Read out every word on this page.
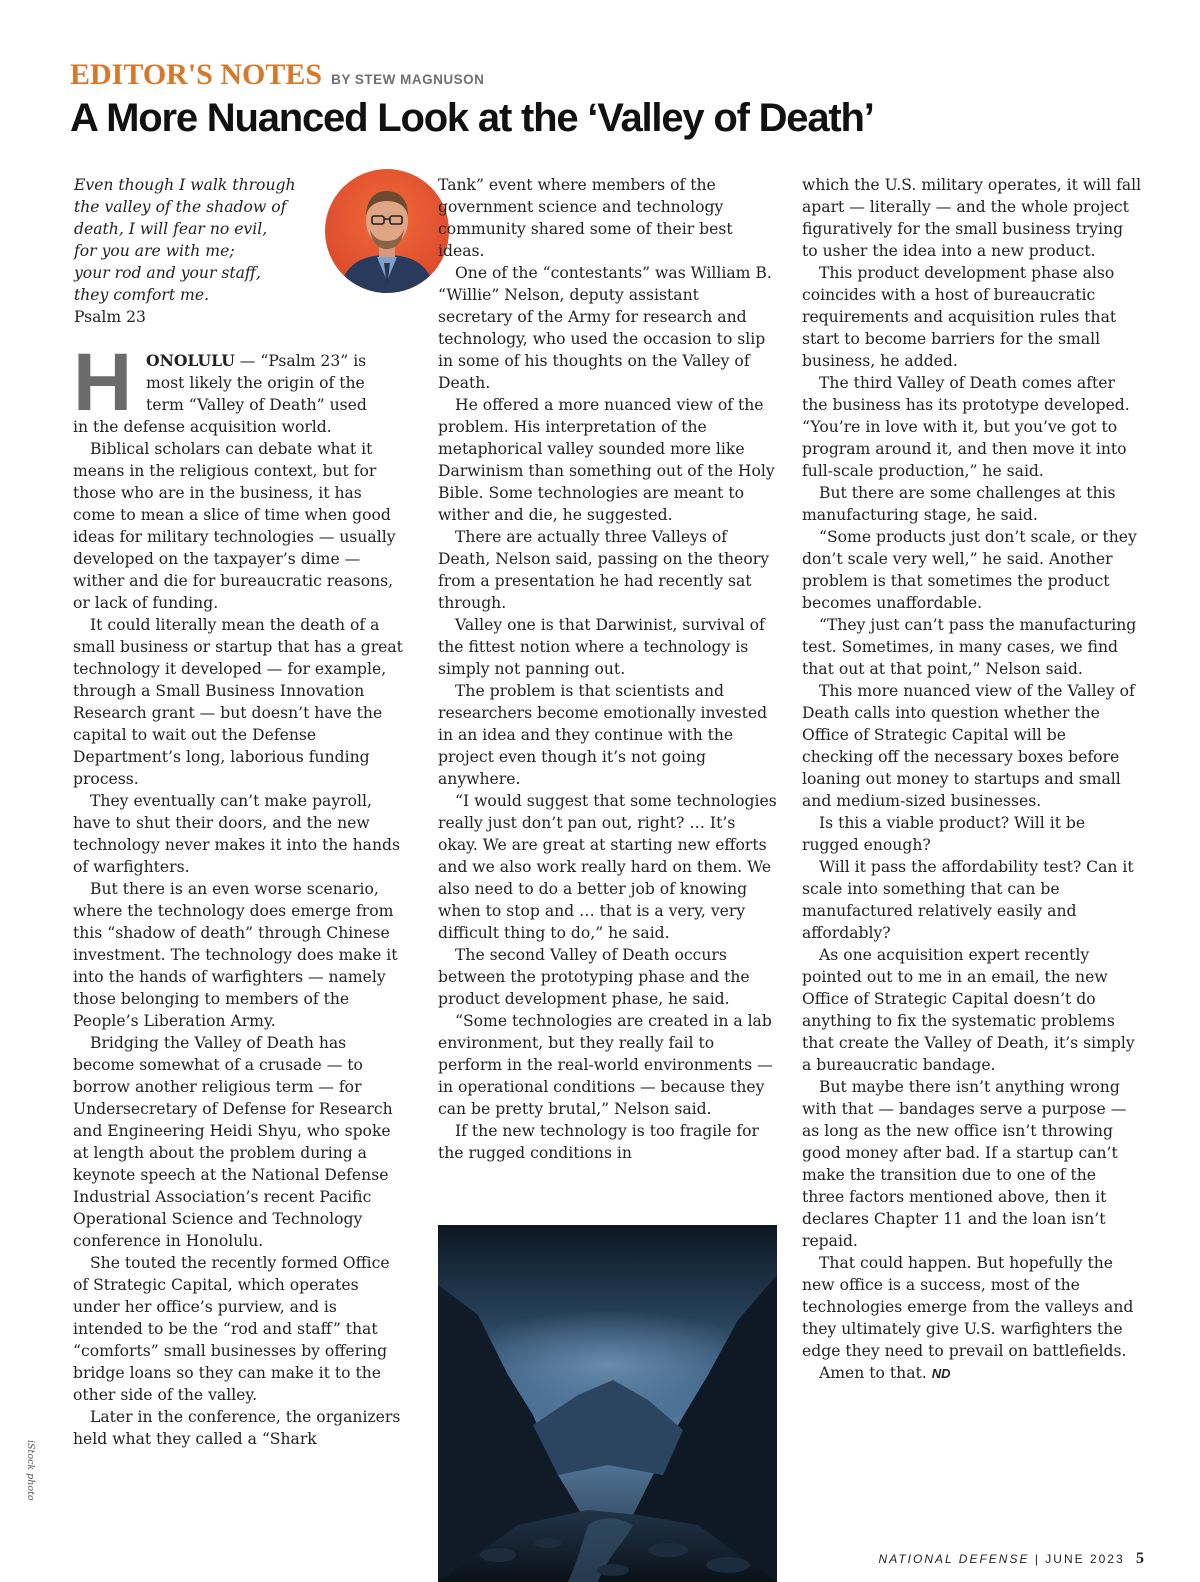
EDITOR'S NOTES BY STEW MAGNUSON
A More Nuanced Look at the ‘Valley of Death’
Even though I walk through
the valley of the shadow of
death, I will fear no evil,
for you are with me;
your rod and your staff,
they comfort me.
Psalm 23
H ONOLULU — “Psalm 23” is
most likely the origin of the
term “Valley of Death” used
in the defense acquisition world.

Biblical scholars can debate what it means in the religious context, but for those who are in the business, it has come to mean a slice of time when good ideas for military technologies — usually developed on the taxpayer’s dime — wither and die for bureaucratic reasons, or lack of funding.

It could literally mean the death of a small business or startup that has a great technology it developed — for example, through a Small Business Innovation Research grant — but doesn’t have the capital to wait out the Defense Department’s long, laborious funding process.

They eventually can’t make payroll, have to shut their doors, and the new technology never makes it into the hands of warfighters.

But there is an even worse scenario, where the technology does emerge from this “shadow of death” through Chinese investment. The technology does make it into the hands of warfighters — namely those belonging to members of the People’s Liberation Army.

Bridging the Valley of Death has become somewhat of a crusade — to borrow another religious term — for Undersecretary of Defense for Research and Engineering Heidi Shyu, who spoke at length about the problem during a keynote speech at the National Defense Industrial Association’s recent Pacific Operational Science and Technology conference in Honolulu.

She touted the recently formed Office of Strategic Capital, which operates under her office’s purview, and is intended to be the “rod and staff” that “comforts” small businesses by offering bridge loans so they can make it to the other side of the valley.

Later in the conference, the organizers held what they called a “Shark

Tank” event where members of the government science and technology community shared some of their best ideas.

One of the “contestants” was William B. “Willie” Nelson, deputy assistant secretary of the Army for research and technology, who used the occasion to slip in some of his thoughts on the Valley of Death.

He offered a more nuanced view of the problem. His interpretation of the metaphorical valley sounded more like Darwinism than something out of the Holy Bible. Some technologies are meant to wither and die, he suggested.

There are actually three Valleys of Death, Nelson said, passing on the theory from a presentation he had recently sat through.

Valley one is that Darwinist, survival of the fittest notion where a technology is simply not panning out.

The problem is that scientists and researchers become emotionally invested in an idea and they continue with the project even though it’s not going anywhere.

“I would suggest that some technologies really just don’t pan out, right? … It’s okay. We are great at starting new efforts and we also work really hard on them. We also need to do a better job of knowing when to stop and … that is a very, very difficult thing to do,” he said.

The second Valley of Death occurs between the prototyping phase and the product development phase, he said.

“Some technologies are created in a lab environment, but they really fail to perform in the real-world environments — in operational conditions — because they can be pretty brutal,” Nelson said.

If the new technology is too fragile for the rugged conditions in

which the U.S. military operates, it will fall apart — literally — and the whole project figuratively for the small business trying to usher the idea into a new product.

This product development phase also coincides with a host of bureaucratic requirements and acquisition rules that start to become barriers for the small business, he added.

The third Valley of Death comes after the business has its prototype developed. “You’re in love with it, but you’ve got to program around it, and then move it into full-scale production,” he said.

But there are some challenges at this manufacturing stage, he said.

“Some products just don’t scale, or they don’t scale very well,” he said. Another problem is that sometimes the product becomes unaffordable.

“They just can’t pass the manufacturing test. Sometimes, in many cases, we find that out at that point,” Nelson said.

This more nuanced view of the Valley of Death calls into question whether the Office of Strategic Capital will be checking off the necessary boxes before loaning out money to startups and small and medium-sized businesses.

Is this a viable product? Will it be rugged enough?

Will it pass the affordability test? Can it scale into something that can be manufactured relatively easily and affordably?

As one acquisition expert recently pointed out to me in an email, the new Office of Strategic Capital doesn’t do anything to fix the systematic problems that create the Valley of Death, it’s simply a bureaucratic bandage.

But maybe there isn’t anything wrong with that — bandages serve a purpose — as long as the new office isn’t throwing good money after bad. If a startup can’t make the transition due to one of the three factors mentioned above, then it declares Chapter 11 and the loan isn’t repaid.

That could happen. But hopefully the new office is a success, most of the technologies emerge from the valleys and they ultimately give U.S. warfighters the edge they need to prevail on battlefields.

Amen to that. ND

iStock photo
NATIONAL DEFENSE | JUNE 2023 5
